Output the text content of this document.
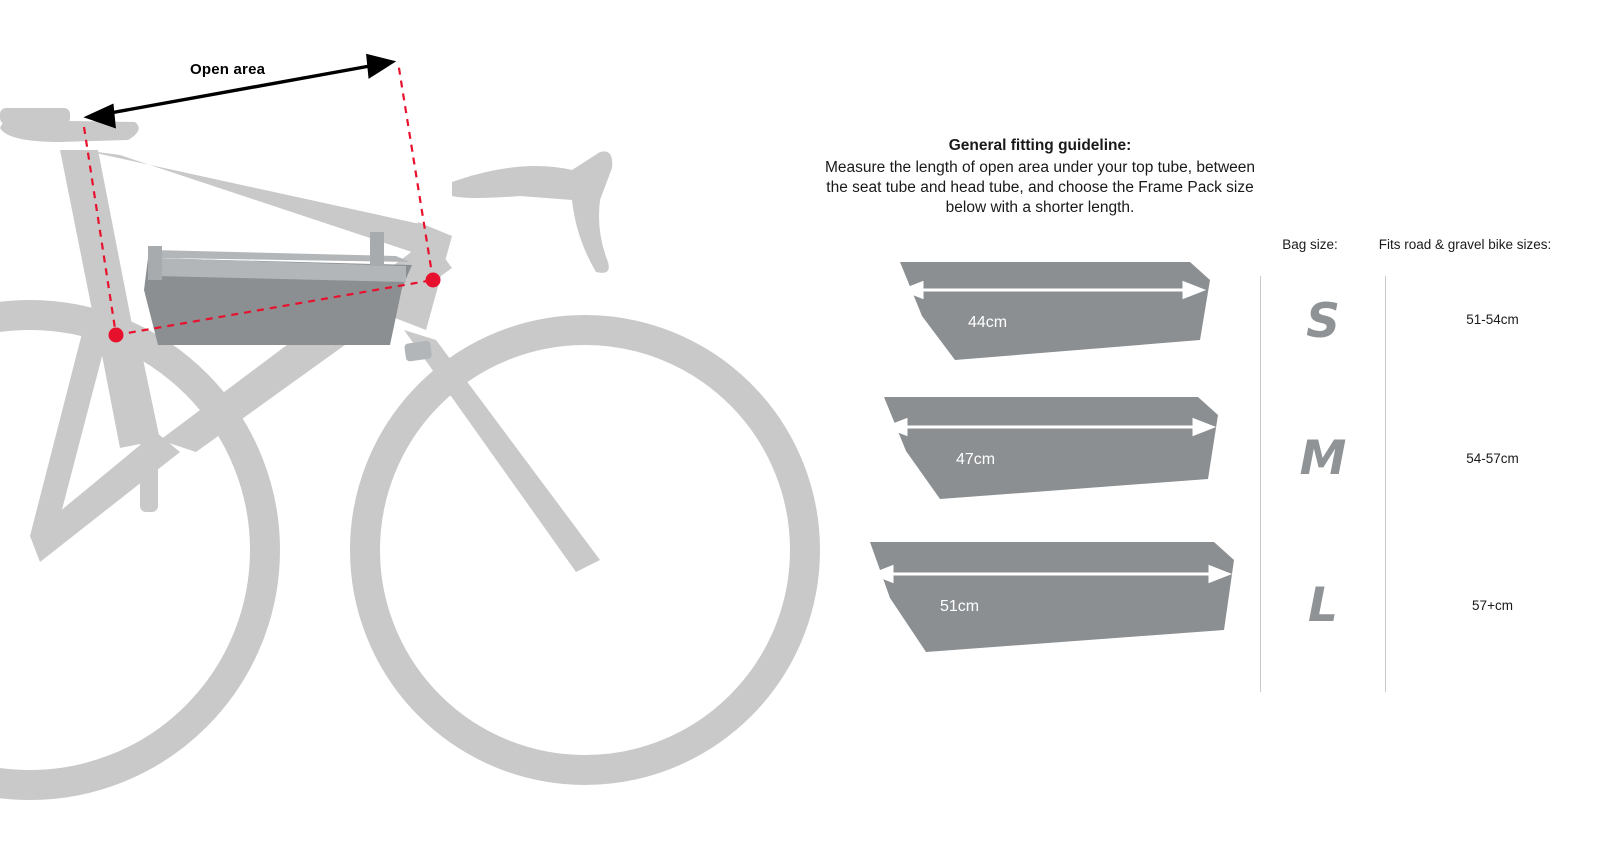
Open area
General fitting guideline:
Measure the length of open area under your top tube, between the seat tube and head tube, and choose the Frame Pack size below with a shorter length.
Bag size:	Fits road & gravel bike sizes:
44cm	S	51-54cm
47cm	M	54-57cm
51cm	L	57+cm
